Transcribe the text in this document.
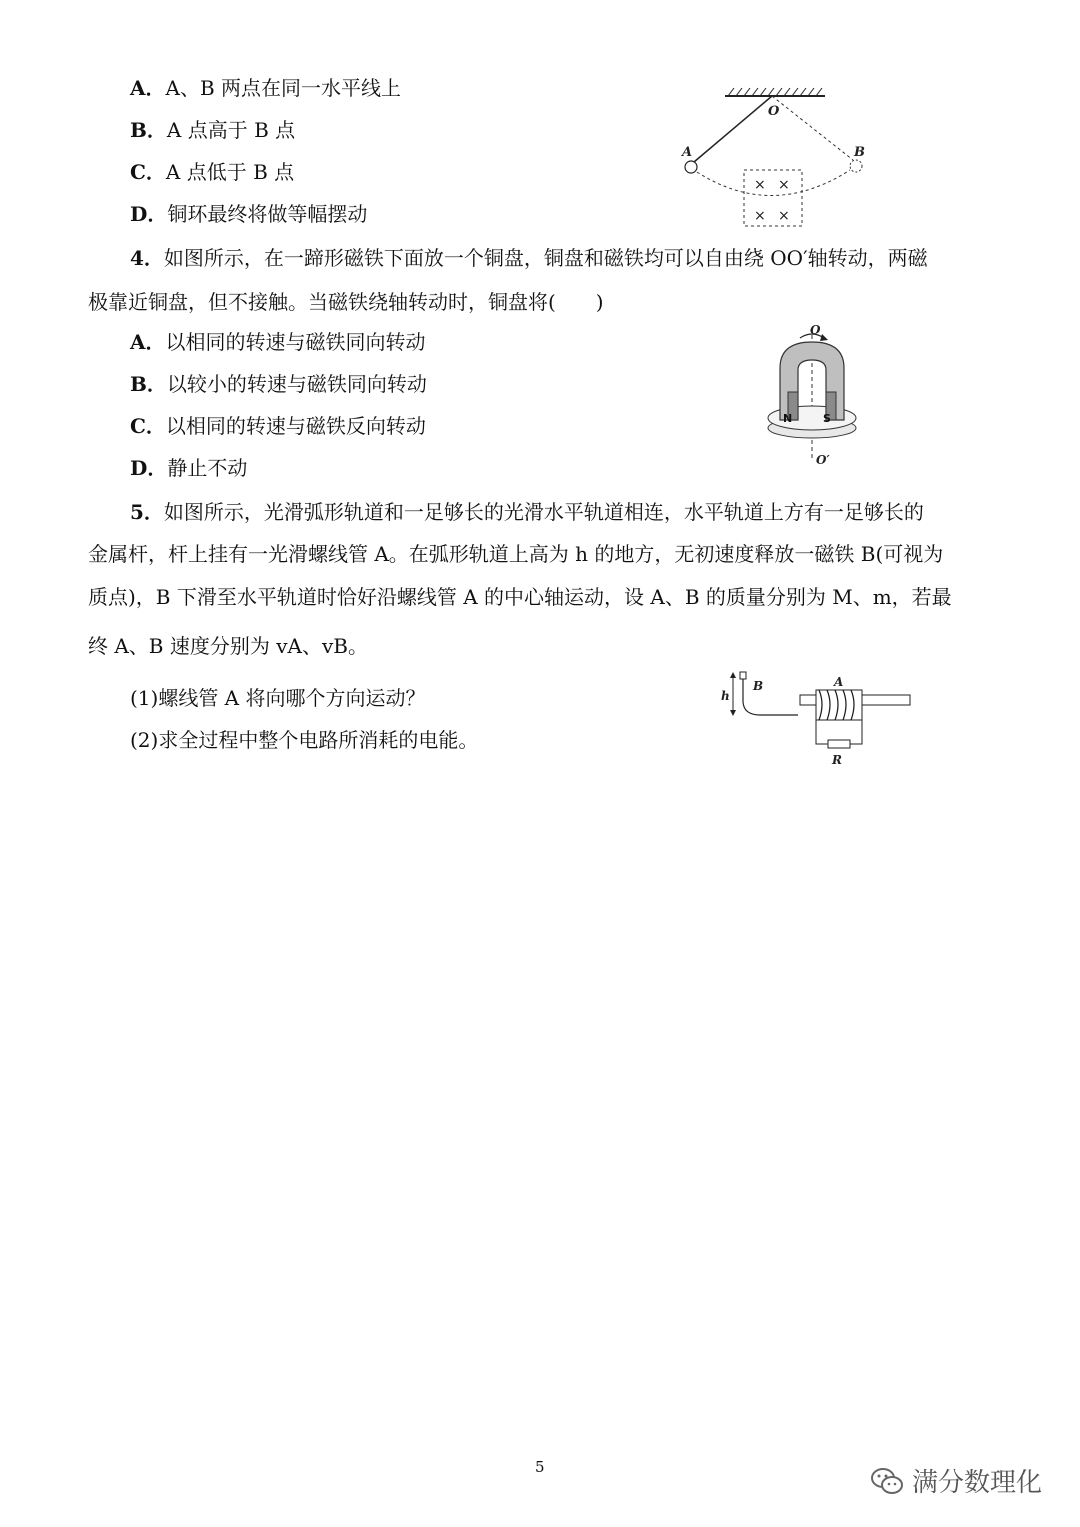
A．A、B 两点在同一水平线上
B．A 点高于 B 点
C．A 点低于 B 点
D．铜环最终将做等幅摆动
× ×
× ×
O
A	B
4．如图所示，在一蹄形磁铁下面放一个铜盘，铜盘和磁铁均可以自由绕 OO′轴转动，两磁
极靠近铜盘，但不接触。当磁铁绕轴转动时，铜盘将(　　)
A．以相同的转速与磁铁同向转动
B．以较小的转速与磁铁同向转动
C．以相同的转速与磁铁反向转动
D．静止不动
N	S
O
O′
5．如图所示，光滑弧形轨道和一足够长的光滑水平轨道相连，水平轨道上方有一足够长的
金属杆，杆上挂有一光滑螺线管 A。在弧形轨道上高为 h 的地方，无初速度释放一磁铁 B(可视为
质点)，B 下滑至水平轨道时恰好沿螺线管 A 的中心轴运动，设 A、B 的质量分别为 M、m，若最
终 A、B 速度分别为 vA、vB。
(1)螺线管 A 将向哪个方向运动？
(2)求全过程中整个电路所消耗的电能。
h
B	A
R
5
满分数理化
